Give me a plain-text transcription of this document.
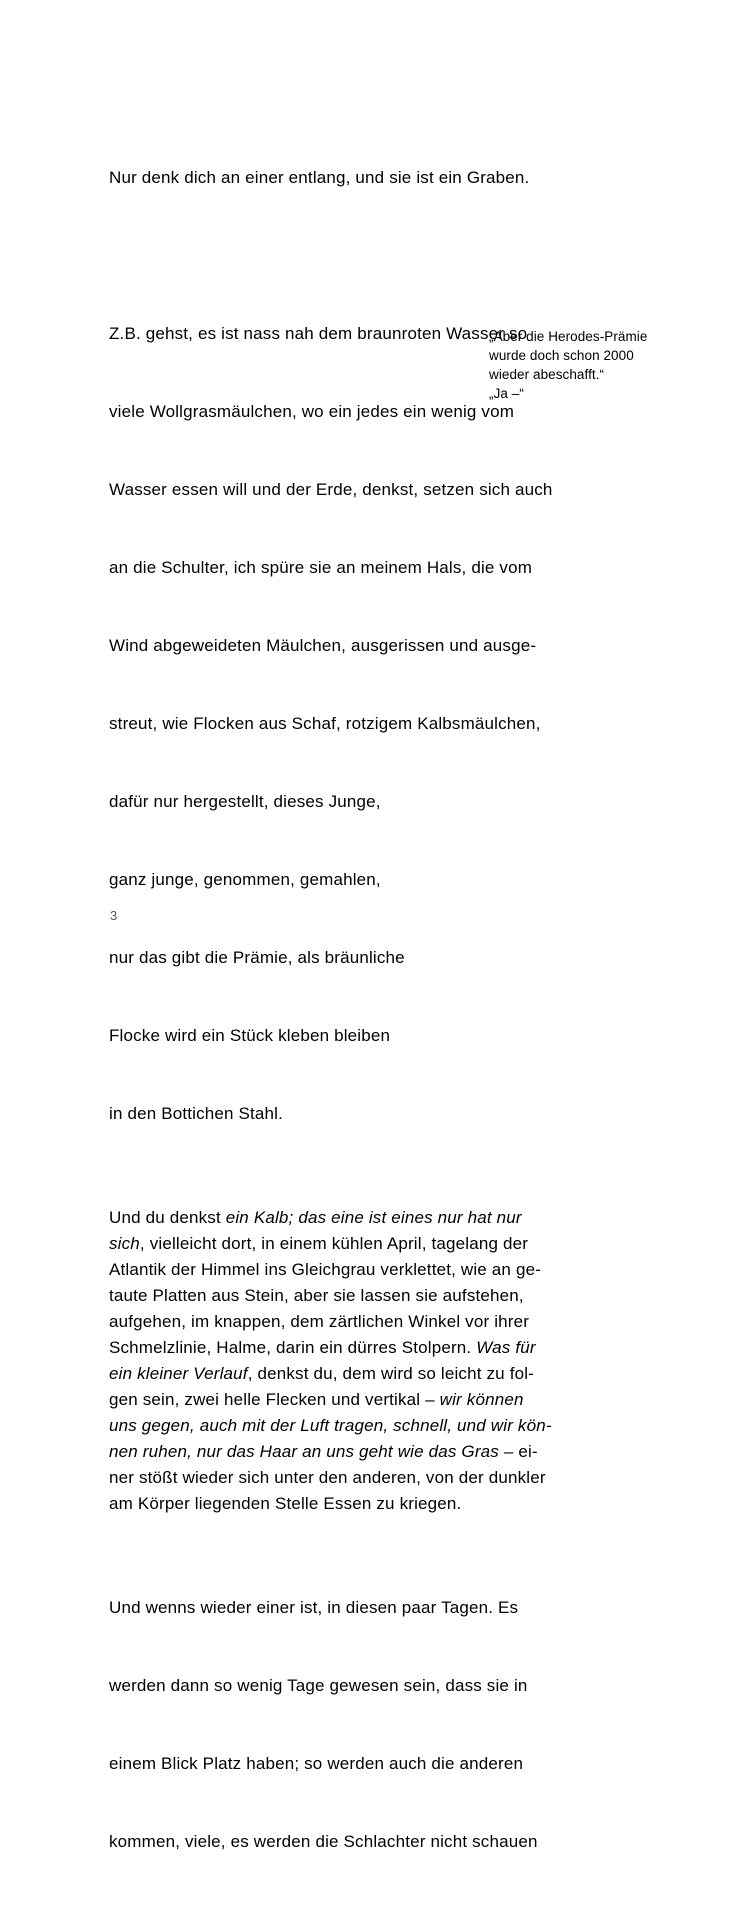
Nur denk dich an einer entlang, und sie ist ein Graben.

Z.B. gehst, es ist nass nah dem braunroten Wasser so

viele Wollgrasmäulchen, wo ein jedes ein wenig vom

Wasser essen will und der Erde, denkst, setzen sich auch

an die Schulter, ich spüre sie an meinem Hals, die vom

Wind abgeweideten Mäulchen, ausgerissen und ausge-

streut, wie Flocken aus Schaf, rotzigem Kalbsmäulchen,

dafür nur hergestellt, dieses Junge,

ganz junge, genommen, gemahlen,

nur das gibt die Prämie, als bräunliche

Flocke wird ein Stück kleben bleiben

in den Bottichen Stahl.

Und du denkst ein Kalb; das eine ist eines nur hat nur
sich, vielleicht dort, in einem kühlen April, tagelang der
Atlantik der Himmel ins Gleichgrau verklettet, wie an ge-
taute Platten aus Stein, aber sie lassen sie aufstehen,
aufgehen, im knappen, dem zärtlichen Winkel vor ihrer
Schmelzlinie, Halme, darin ein dürres Stolpern. Was für
ein kleiner Verlauf, denkst du, dem wird so leicht zu fol-
gen sein, zwei helle Flecken und vertikal – wir können
uns gegen, auch mit der Luft tragen, schnell, und wir kön-
nen ruhen, nur das Haar an uns geht wie das Gras – ei-
ner stößt wieder sich unter den anderen, von der dunkler
am Körper liegenden Stelle Essen zu kriegen.

Und wenns wieder einer ist, in diesen paar Tagen. Es

werden dann so wenig Tage gewesen sein, dass sie in

einem Blick Platz haben; so werden auch die anderen

kommen, viele, es werden die Schlachter nicht schauen

„Aber die Herodes-Prämie
wurde doch schon 2000
wieder abeschafft.“
„Ja –“
3
